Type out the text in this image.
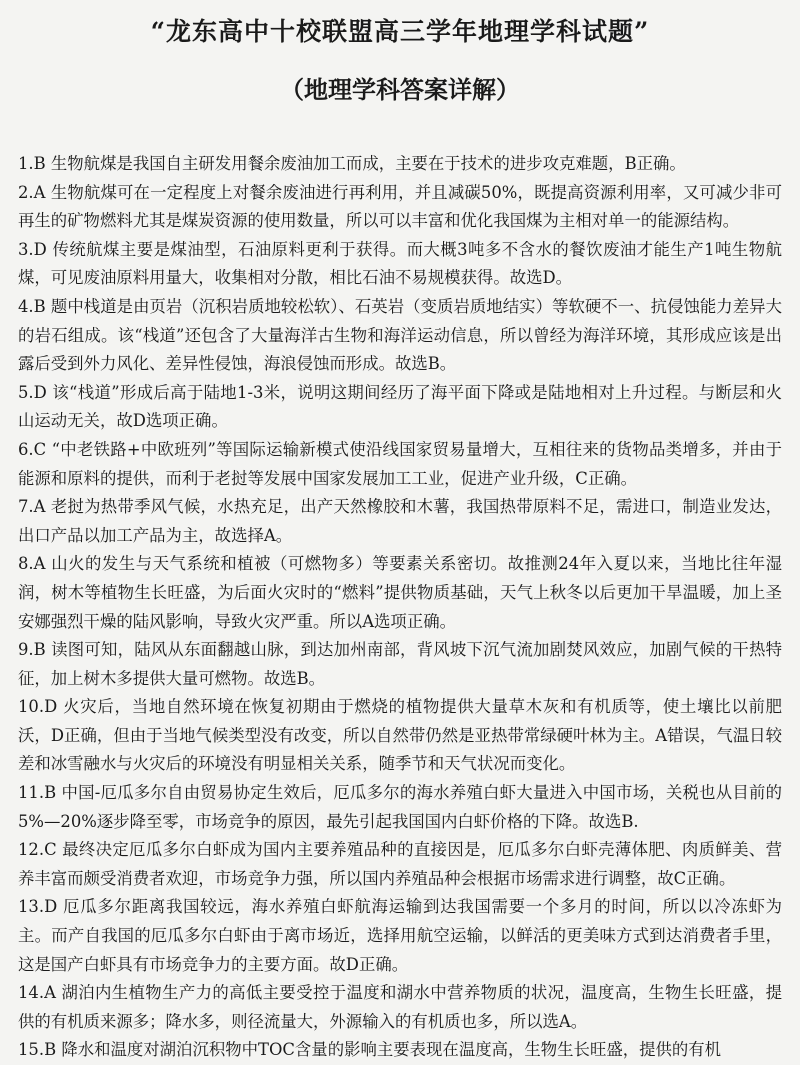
“龙东高中十校联盟高三学年地理学科试题”
（地理学科答案详解）

1.B 生物航煤是我国自主研发用餐余废油加工而成，主要在于技术的进步攻克难题，B正确。

2.A 生物航煤可在一定程度上对餐余废油进行再利用，并且减碳50%，既提高资源利用率，又可减少非可再生的矿物燃料尤其是煤炭资源的使用数量，所以可以丰富和优化我国煤为主相对单一的能源结构。

3.D 传统航煤主要是煤油型，石油原料更利于获得。而大概3吨多不含水的餐饮废油才能生产1吨生物航煤，可见废油原料用量大，收集相对分散，相比石油不易规模获得。故选D。

4.B 题中栈道是由页岩（沉积岩质地较松软）、石英岩（变质岩质地结实）等软硬不一、抗侵蚀能力差异大的岩石组成。该“栈道”还包含了大量海洋古生物和海洋运动信息，所以曾经为海洋环境，其形成应该是出露后受到外力风化、差异性侵蚀，海浪侵蚀而形成。故选B。

5.D 该“栈道”形成后高于陆地1-3米，说明这期间经历了海平面下降或是陆地相对上升过程。与断层和火山运动无关，故D选项正确。

6.C “中老铁路+中欧班列”等国际运输新模式使沿线国家贸易量增大，互相往来的货物品类增多，并由于能源和原料的提供，而利于老挝等发展中国家发展加工工业，促进产业升级，C正确。

7.A 老挝为热带季风气候，水热充足，出产天然橡胶和木薯，我国热带原料不足，需进口，制造业发达，出口产品以加工产品为主，故选择A。

8.A 山火的发生与天气系统和植被（可燃物多）等要素关系密切。故推测24年入夏以来，当地比往年湿润，树木等植物生长旺盛，为后面火灾时的“燃料”提供物质基础，天气上秋冬以后更加干旱温暖，加上圣安娜强烈干燥的陆风影响，导致火灾严重。所以A选项正确。

9.B 读图可知，陆风从东面翻越山脉，到达加州南部，背风坡下沉气流加剧焚风效应，加剧气候的干热特征，加上树木多提供大量可燃物。故选B。

10.D 火灾后，当地自然环境在恢复初期由于燃烧的植物提供大量草木灰和有机质等，使土壤比以前肥沃，D正确，但由于当地气候类型没有改变，所以自然带仍然是亚热带常绿硬叶林为主。A错误，气温日较差和冰雪融水与火灾后的环境没有明显相关关系，随季节和天气状况而变化。

11.B 中国-厄瓜多尔自由贸易协定生效后，厄瓜多尔的海水养殖白虾大量进入中国市场，关税也从目前的5%—20%逐步降至零，市场竞争的原因，最先引起我国国内白虾价格的下降。故选B.

12.C 最终决定厄瓜多尔白虾成为国内主要养殖品种的直接因是，厄瓜多尔白虾壳薄体肥、肉质鲜美、营养丰富而颇受消费者欢迎，市场竞争力强，所以国内养殖品种会根据市场需求进行调整，故C正确。

13.D 厄瓜多尔距离我国较远，海水养殖白虾航海运输到达我国需要一个多月的时间，所以以冷冻虾为主。而产自我国的厄瓜多尔白虾由于离市场近，选择用航空运输，以鲜活的更美味方式到达消费者手里，这是国产白虾具有市场竞争力的主要方面。故D正确。

14.A 湖泊内生植物生产力的高低主要受控于温度和湖水中营养物质的状况，温度高，生物生长旺盛，提供的有机质来源多；降水多，则径流量大，外源输入的有机质也多，所以选A。

15.B 降水和温度对湖泊沉积物中TOC含量的影响主要表现在温度高，生物生长旺盛，提供的有机
